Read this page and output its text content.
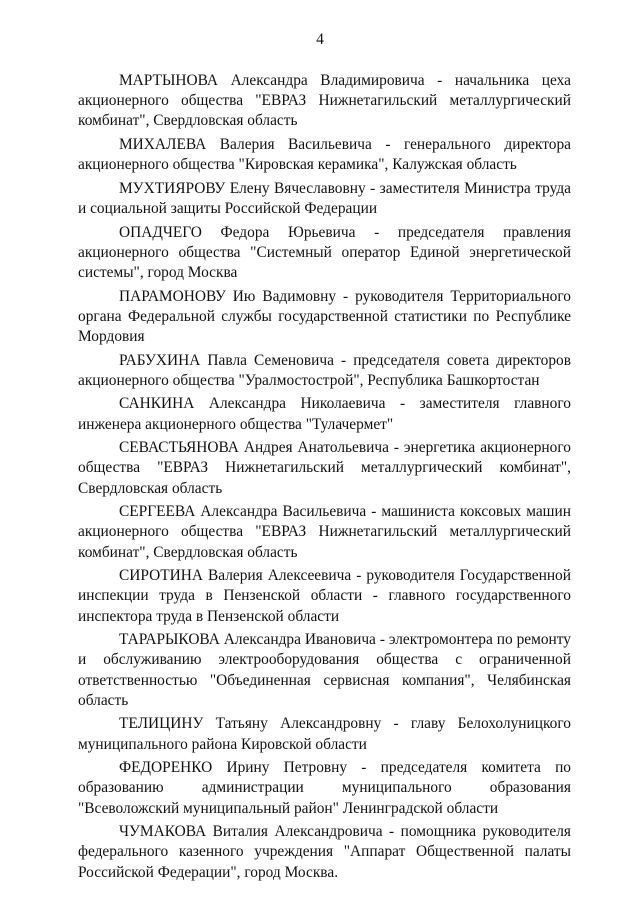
4

МАРТЫНОВА Александра Владимировича - начальника цеха акционерного общества "ЕВРАЗ Нижнетагильский металлургический комбинат", Свердловская область

МИХАЛЕВА Валерия Васильевича - генерального директора акционерного общества "Кировская керамика", Калужская область

МУХТИЯРОВУ Елену Вячеславовну - заместителя Министра труда и социальной защиты Российской Федерации

ОПАДЧЕГО Федора Юрьевича - председателя правления акционерного общества "Системный оператор Единой энергетической системы", город Москва

ПАРАМОНОВУ Ию Вадимовну - руководителя Территориального органа Федеральной службы государственной статистики по Республике Мордовия

РАБУХИНА Павла Семеновича - председателя совета директоров акционерного общества "Уралмостострой", Республика Башкортостан

САНКИНА Александра Николаевича - заместителя главного инженера акционерного общества "Тулачермет"

СЕВАСТЬЯНОВА Андрея Анатольевича - энергетика акционерного общества "ЕВРАЗ Нижнетагильский металлургический комбинат", Свердловская область

СЕРГЕЕВА Александра Васильевича - машиниста коксовых машин акционерного общества "ЕВРАЗ Нижнетагильский металлургический комбинат", Свердловская область

СИРОТИНА Валерия Алексеевича - руководителя Государственной инспекции труда в Пензенской области - главного государственного инспектора труда в Пензенской области

ТАРАРЫКОВА Александра Ивановича - электромонтера по ремонту и обслуживанию электрооборудования общества с ограниченной ответственностью "Объединенная сервисная компания", Челябинская область

ТЕЛИЦИНУ Татьяну Александровну - главу Белохолуницкого муниципального района Кировской области

ФЕДОРЕНКО Ирину Петровну - председателя комитета по образованию администрации муниципального образования "Всеволожский муниципальный район" Ленинградской области

ЧУМАКОВА Виталия Александровича - помощника руководителя федерального казенного учреждения "Аппарат Общественной палаты Российской Федерации", город Москва.
